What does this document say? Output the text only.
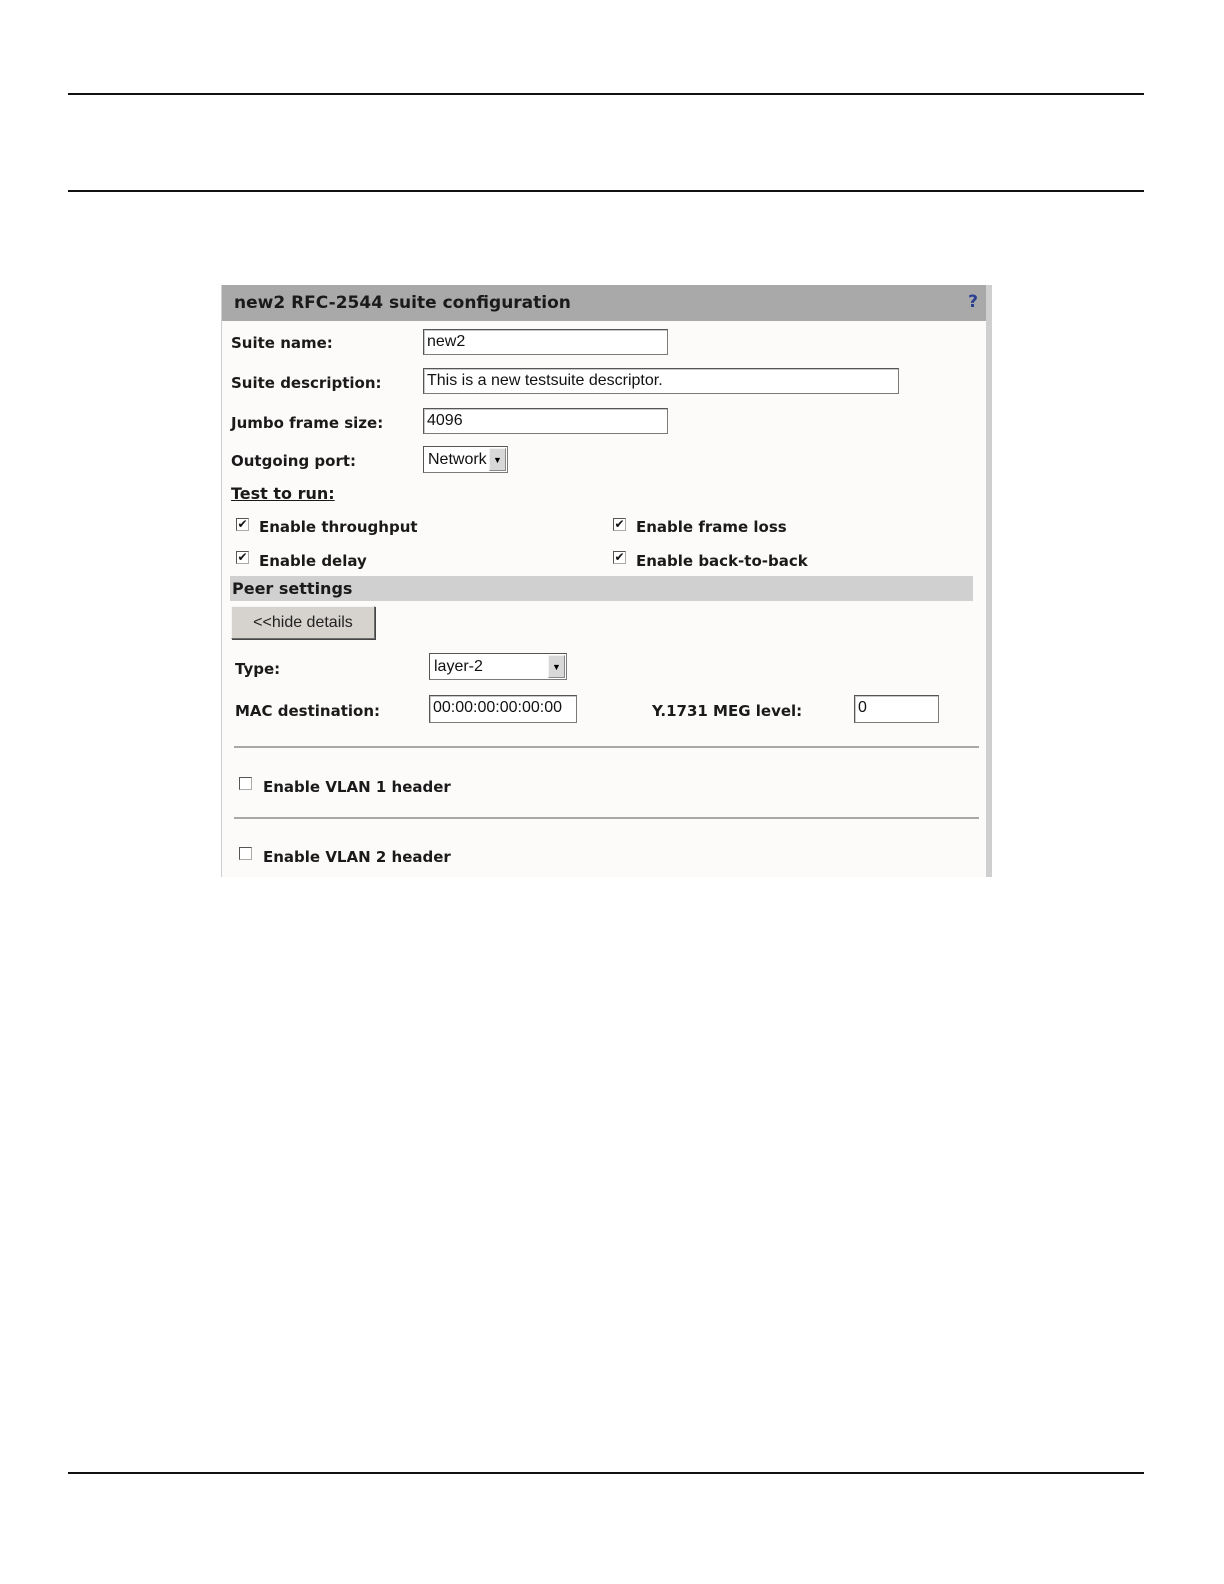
new2 RFC-2544 suite configuration	?
Suite name:	new2
Suite description:	This is a new testsuite descriptor.
Jumbo frame size:	4096
Outgoing port:	Network ▼
Test to run:
✔ Enable throughput	✔ Enable frame loss
✔ Enable delay	✔ Enable back-to-back
Peer settings
<<hide details
Type:	layer-2	▼
MAC destination:	00:00:00:00:00:00	Y.1731 MEG level:	0
Enable VLAN 1 header
Enable VLAN 2 header
